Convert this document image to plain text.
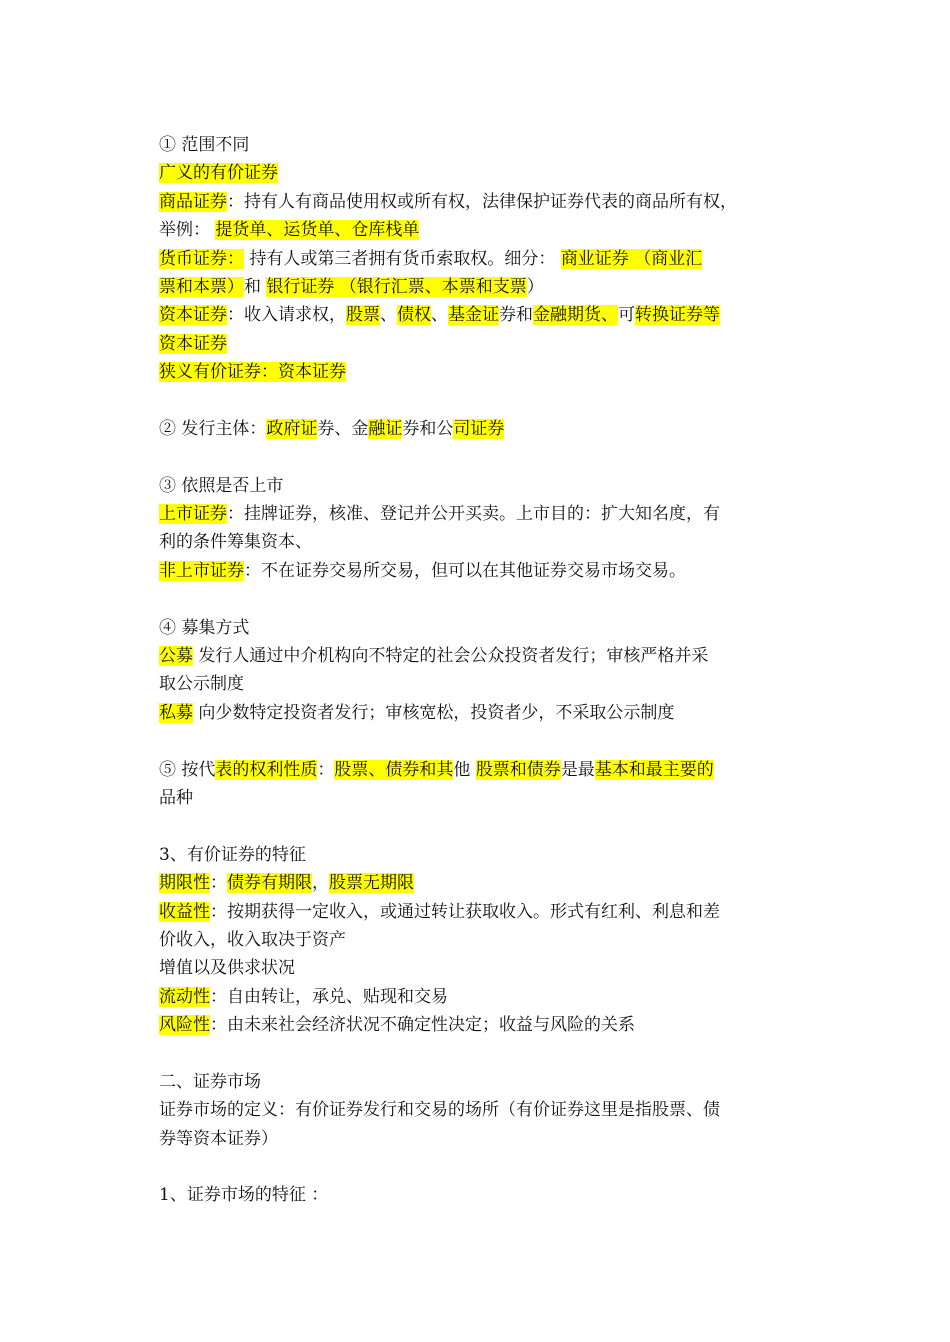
① 范围不同
广义的有价证券
商品证券：持有人有商品使用权或所有权，法律保护证券代表的商品所有权，
举例： 提货单、运货单、仓库栈单
货币证券： 持有人或第三者拥有货币索取权。细分： 商业证券 （商业汇
票和本票）和 银行证券 （银行汇票、本票和支票）
资本证券：收入请求权，股票、债权、基金证券和金融期货、可转换证券等
资本证券
狭义有价证券：资本证券
② 发行主体：政府证券、金融证券和公司证券
③ 依照是否上市
上市证券：挂牌证券，核准、登记并公开买卖。上市目的：扩大知名度，有
利的条件筹集资本、
非上市证券：不在证券交易所交易，但可以在其他证券交易市场交易。
④ 募集方式
公募 发行人通过中介机构向不特定的社会公众投资者发行；审核严格并采
取公示制度
私募 向少数特定投资者发行；审核宽松，投资者少，不采取公示制度
⑤ 按代表的权利性质：股票、债券和其他 股票和债券是最基本和最主要的
品种
3、有价证券的特征
期限性：债券有期限，股票无期限
收益性：按期获得一定收入，或通过转让获取收入。形式有红利、利息和差
价收入，收入取决于资产
增值以及供求状况
流动性：自由转让，承兑、贴现和交易
风险性：由未来社会经济状况不确定性决定；收益与风险的关系
二、证券市场
证券市场的定义：有价证券发行和交易的场所（有价证券这里是指股票、债
券等资本证券）
1、证券市场的特征 ：
